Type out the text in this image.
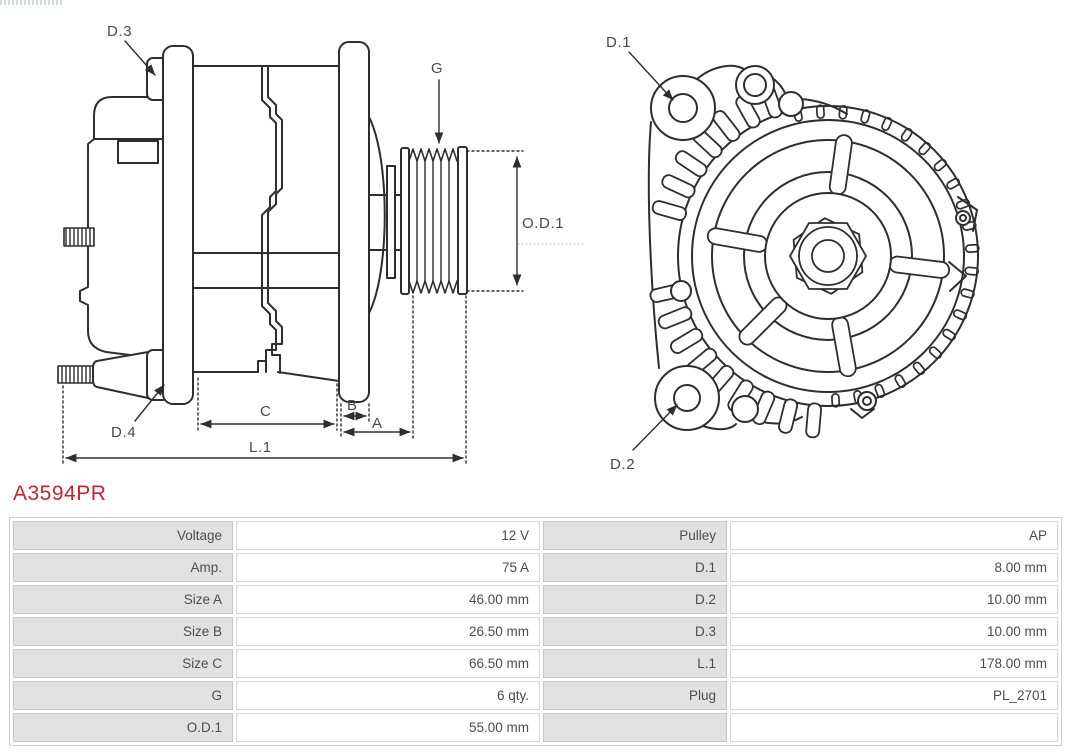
D.3
G
O.D.1
D.4
C	B
A
L.1
D.1
D.2
A3594PR
Voltage	12 V	Pulley	AP
Amp.	75 A	D.1	8.00 mm
Size A	46.00 mm	D.2	10.00 mm
Size B	26.50 mm	D.3	10.00 mm
Size C	66.50 mm	L.1	178.00 mm
G	6 qty.	Plug	PL_2701
O.D.1	55.00 mm		
